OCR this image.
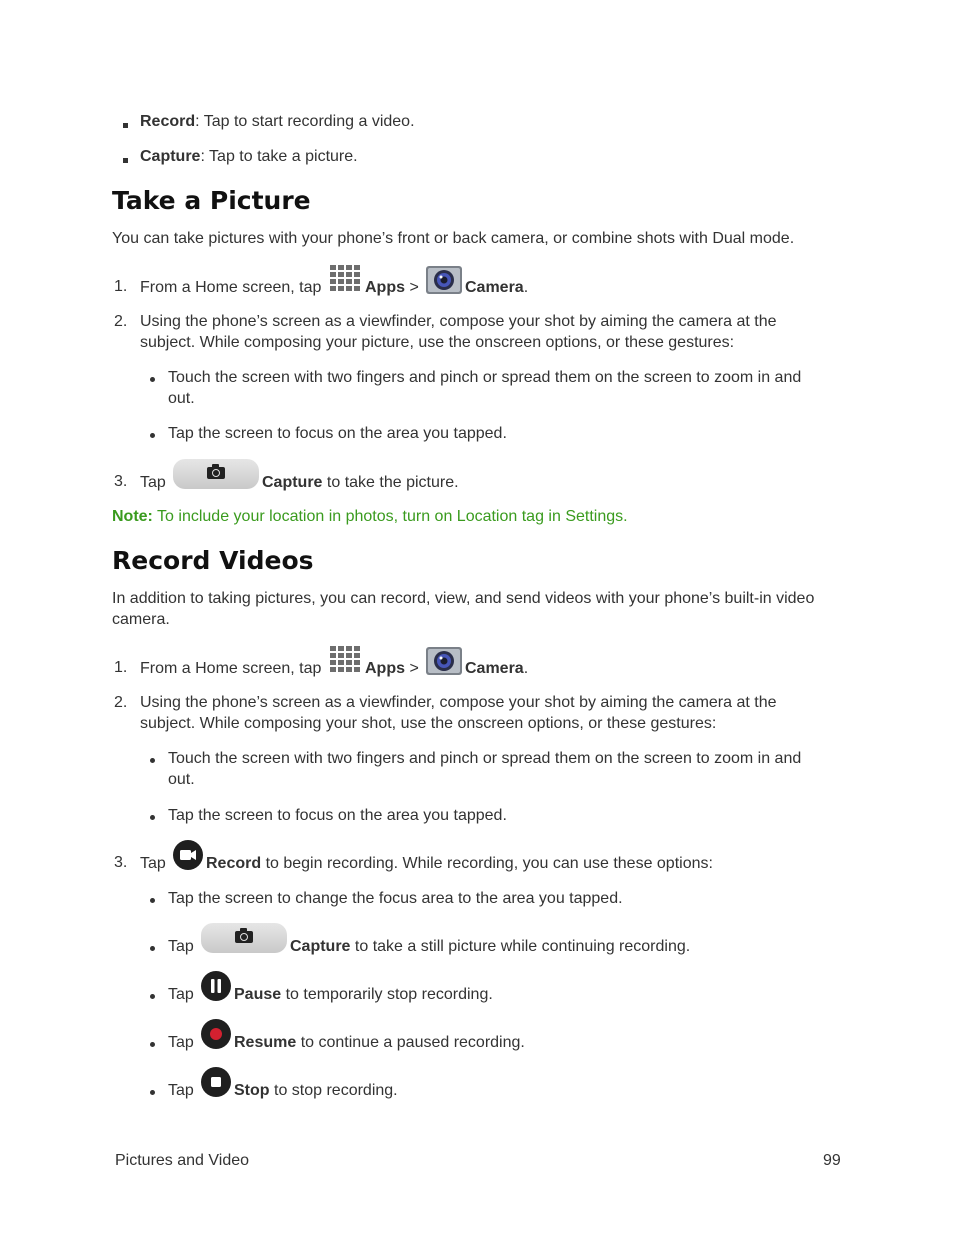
Record: Tap to start recording a video.
Capture: Tap to take a picture.
Take a Picture
You can take pictures with your phone’s front or back camera, or combine shots with Dual mode.
1. From a Home screen, tap	Apps >	Camera.
2. Using the phone’s screen as a viewfinder, compose your shot by aiming the camera at the
subject. While composing your picture, use the onscreen options, or these gestures:
Touch the screen with two fingers and pinch or spread them on the screen to zoom in and
out.
Tap the screen to focus on the area you tapped.
3. Tap	Capture to take the picture.
Note: To include your location in photos, turn on Location tag in Settings.
Record Videos
In addition to taking pictures, you can record, view, and send videos with your phone’s built-in video
camera.
1. From a Home screen, tap	Apps >	Camera.
2. Using the phone’s screen as a viewfinder, compose your shot by aiming the camera at the
subject. While composing your shot, use the onscreen options, or these gestures:
Touch the screen with two fingers and pinch or spread them on the screen to zoom in and
out.
Tap the screen to focus on the area you tapped.
3. Tap	Record to begin recording. While recording, you can use these options:
Tap the screen to change the focus area to the area you tapped.
Tap	Capture to take a still picture while continuing recording.
Tap	Pause to temporarily stop recording.
Tap	Resume to continue a paused recording.
Tap	Stop to stop recording.
Pictures and Video	99
